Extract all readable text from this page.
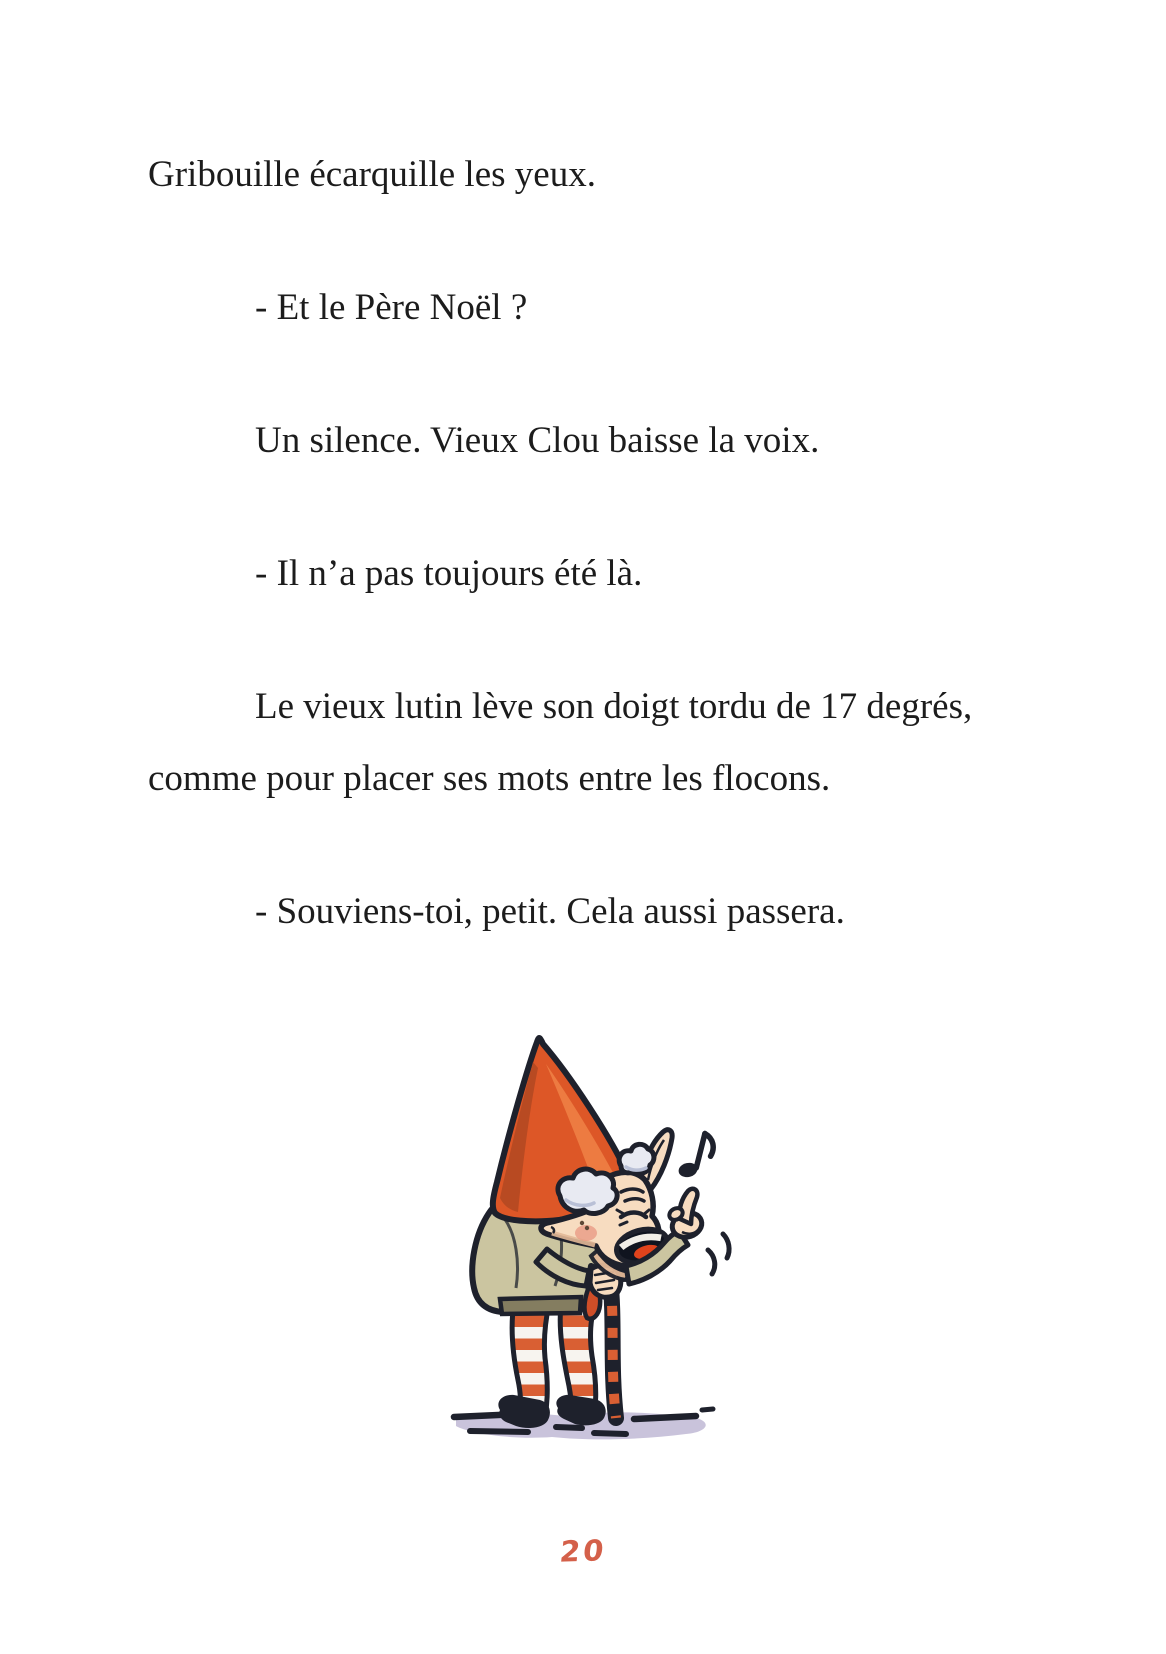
Gribouille écarquille les yeux.
- Et le Père Noël ?
Un silence. Vieux Clou baisse la voix.
- Il n’a pas toujours été là.
Le vieux lutin lève son doigt tordu de 17 degrés,
comme pour placer ses mots entre les flocons.
- Souviens-toi, petit. Cela aussi passera.
20
